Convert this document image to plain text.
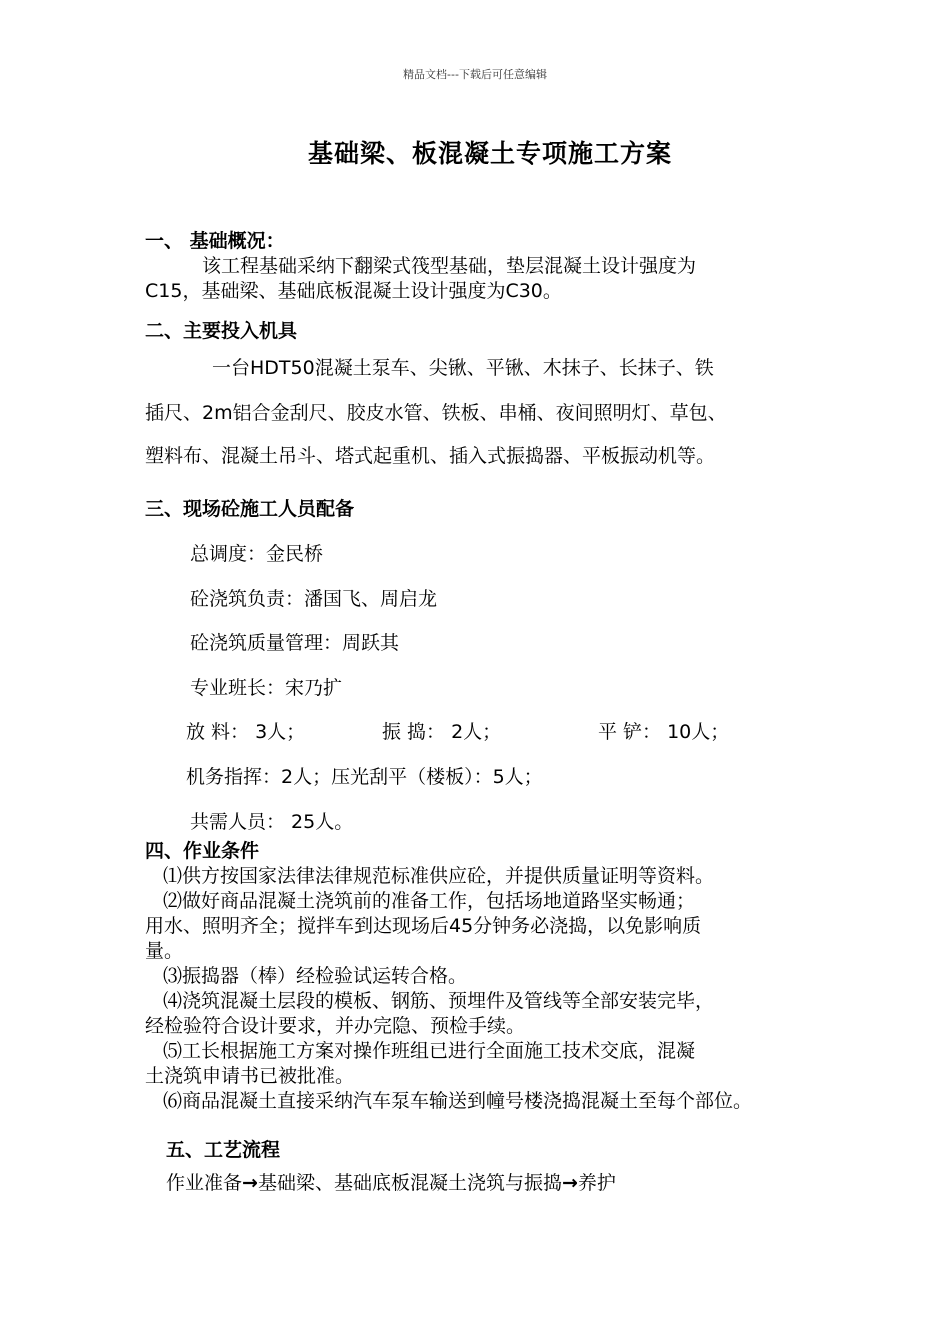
精品文档---下载后可任意编辑
基础梁、板混凝土专项施工方案
一、 基础概况：
该工程基础采纳下翻梁式筏型基础，垫层混凝土设计强度为
C15，基础梁、基础底板混凝土设计强度为C30。
二、主要投入机具
一台HDT50混凝土泵车、尖锹、平锹、木抹子、长抹子、铁
插尺、2m铝合金刮尺、胶皮水管、铁板、串桶、夜间照明灯、草包、
塑料布、混凝土吊斗、塔式起重机、插入式振捣器、平板振动机等。
三、现场砼施工人员配备
总调度：金民桥
砼浇筑负责：潘国飞、周启龙
砼浇筑质量管理：周跃其
专业班长：宋乃扩
放 料： 3人；	振 捣： 2人；	平 铲： 10人；
机务指挥：2人；压光刮平（楼板）：5人；
共需人员： 25人。
四、作业条件
⑴供方按国家法律法律规范标准供应砼，并提供质量证明等资料。
⑵做好商品混凝土浇筑前的准备工作，包括场地道路坚实畅通；
用水、照明齐全；搅拌车到达现场后45分钟务必浇捣，以免影响质
量。
⑶振捣器（棒）经检验试运转合格。
⑷浇筑混凝土层段的模板、钢筋、预埋件及管线等全部安装完毕，
经检验符合设计要求，并办完隐、预检手续。
⑸工长根据施工方案对操作班组已进行全面施工技术交底，混凝
土浇筑申请书已被批准。
⑹商品混凝土直接采纳汽车泵车输送到幢号楼浇捣混凝土至每个部位。
五、工艺流程
作业准备→基础梁、基础底板混凝土浇筑与振捣→养护
